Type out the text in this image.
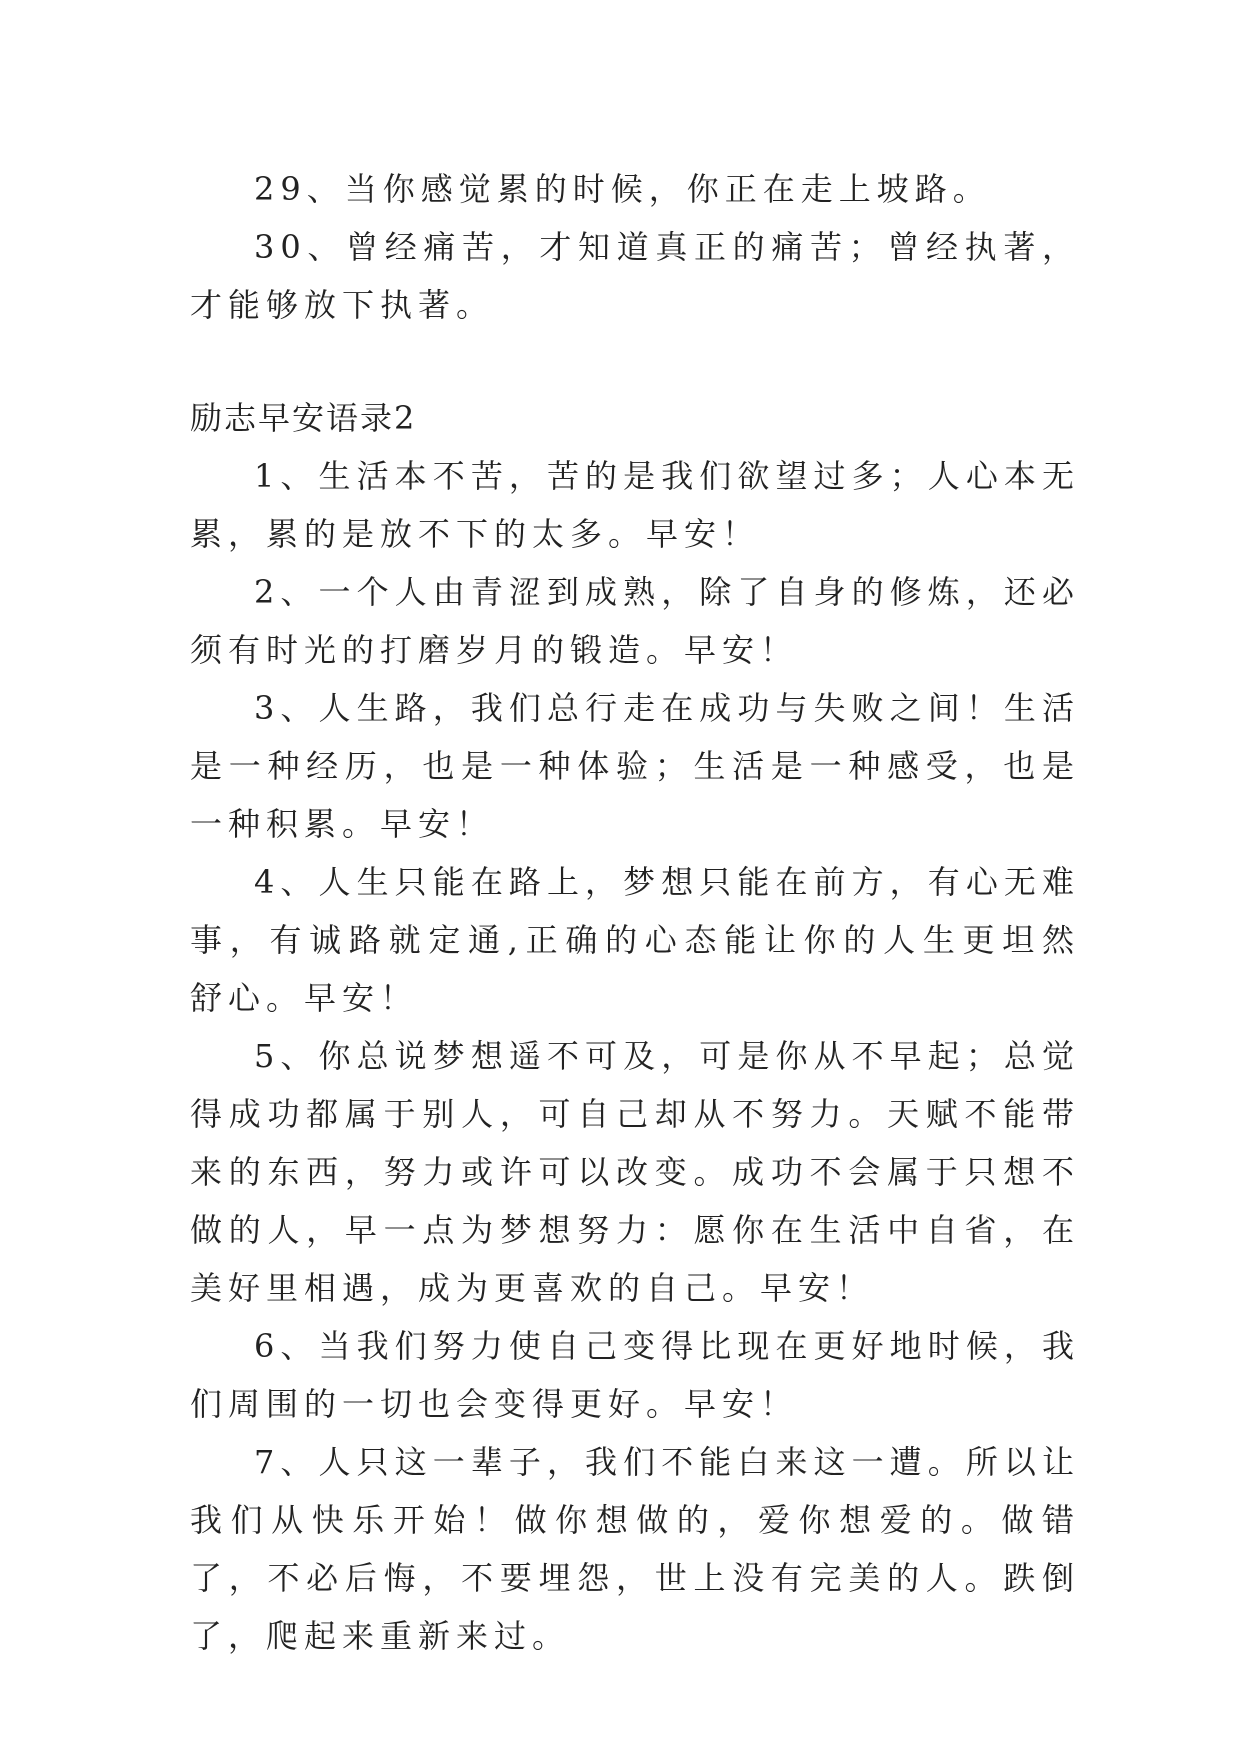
29、当你感觉累的时候，你正在走上坡路。

30、曾经痛苦，才知道真正的痛苦；曾经执著，才能够放下执著。

励志早安语录2

1、生活本不苦，苦的是我们欲望过多；人心本无累，累的是放不下的太多。早安！

2、一个人由青涩到成熟，除了自身的修炼，还必须有时光的打磨岁月的锻造。早安！

3、人生路，我们总行走在成功与失败之间！生活是一种经历，也是一种体验；生活是一种感受，也是一种积累。早安！

4、人生只能在路上，梦想只能在前方，有心无难事，有诚路就定通,正确的心态能让你的人生更坦然舒心。早安！

5、你总说梦想遥不可及，可是你从不早起；总觉得成功都属于别人，可自己却从不努力。天赋不能带来的东西，努力或许可以改变。成功不会属于只想不做的人，早一点为梦想努力：愿你在生活中自省，在美好里相遇，成为更喜欢的自己。早安！

6、当我们努力使自己变得比现在更好地时候，我们周围的一切也会变得更好。早安！

7、人只这一辈子，我们不能白来这一遭。所以让我们从快乐开始！做你想做的，爱你想爱的。做错了，不必后悔，不要埋怨，世上没有完美的人。跌倒了，爬起来重新来过。
